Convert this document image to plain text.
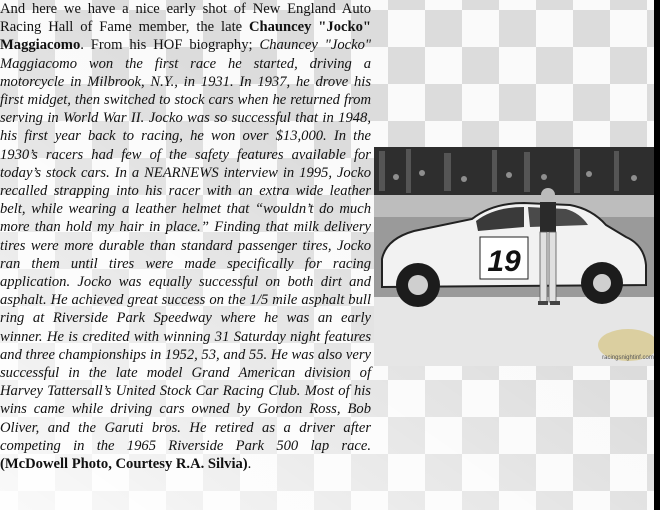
And here we have a nice early shot of New England Auto Racing Hall of Fame member, the late Chauncey "Jocko" Maggiacomo. From his HOF biography; Chauncey "Jocko" Maggiacomo won the first race he started, driving a motorcycle in Milbrook, N.Y., in 1931. In 1937, he drove his first midget, then switched to stock cars when he returned from serving in World War II. Jocko was so successful that in 1948, his first year back to racing, he won over $13,000. In the 1930’s racers had few of the safety features available for today’s stock cars. In a NEARNEWS interview in 1995, Jocko recalled strapping into his racer with an extra wide leather belt, while wearing a leather helmet that “wouldn’t do much more than hold my hair in place.” Finding that milk delivery tires were more durable than standard passenger tires, Jocko ran them until tires were made specifically for racing application. Jocko was equally successful on both dirt and asphalt. He achieved great success on the 1/5 mile asphalt bull ring at Riverside Park Speedway where he was an early winner. He is credited with winning 31 Saturday night features and three championships in 1952, 53, and 55. He was also very successful in the late model Grand American division of Harvey Tattersall’s United Stock Car Racing Club. Most of his wins came while driving cars owned by Gordon Ross, Bob Oliver, and the Garuti bros. He retired as a driver after competing in the 1965 Riverside Park 500 lap race. (McDowell Photo, Courtesy R.A. Silvia).

19
racingsnightinf.com
